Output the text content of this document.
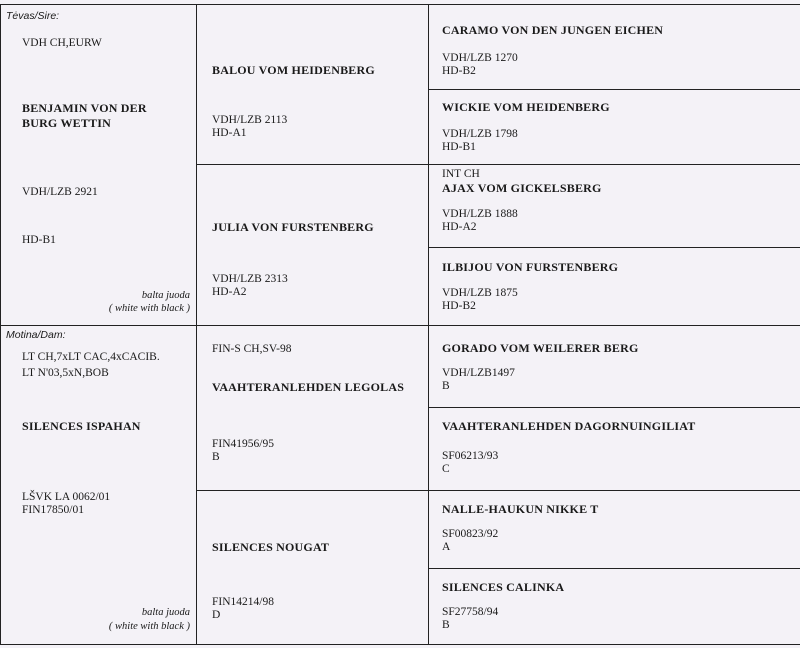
Tėvas/Sire:
VDH CH,EURW
BENJAMIN VON DER BURG WETTIN
VDH/LZB 2921
HD-B1
balta juoda
( white with black )
Motina/Dam:
LT CH,7xLT CAC,4xCACIB.
LT N'03,5xN,BOB
SILENCES ISPAHAN
LŠVK LA 0062/01
FIN17850/01
balta juoda
( white with black )
BALOU VOM HEIDENBERG
VDH/LZB 2113
HD-A1
JULIA VON FURSTENBERG
VDH/LZB 2313
HD-A2
FIN-S CH,SV-98
VAAHTERANLEHDEN LEGOLAS
FIN41956/95
B
SILENCES NOUGAT
FIN14214/98
D
CARAMO VON DEN JUNGEN EICHEN
VDH/LZB 1270
HD-B2
WICKIE VOM HEIDENBERG
VDH/LZB 1798
HD-B1
INT CH
AJAX VOM GICKELSBERG
VDH/LZB 1888
HD-A2
ILBIJOU VON FURSTENBERG
VDH/LZB 1875
HD-B2
GORADO VOM WEILERER BERG
VDH/LZB1497
B
VAAHTERANLEHDEN DAGORNUINGILIAT
SF06213/93
C
NALLE-HAUKUN NIKKE T
SF00823/92
A
SILENCES CALINKA
SF27758/94
B
